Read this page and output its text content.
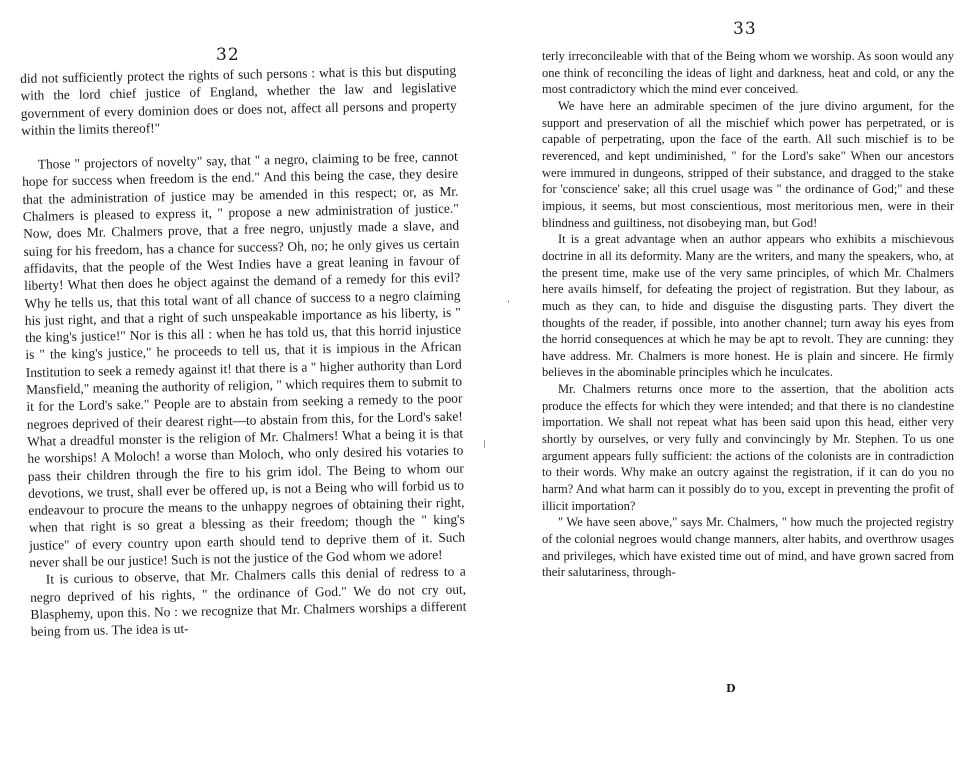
32

did not sufficiently protect the rights of such persons : what is this but disputing with the lord chief justice of England, whether the law and legislative government of every dominion does or does not, affect all persons and property within the limits thereof!"

Those " projectors of novelty" say, that " a negro, claiming to be free, cannot hope for success when freedom is the end." And this being the case, they desire that the administration of justice may be amended in this respect; or, as Mr. Chalmers is pleased to express it, " propose a new administration of justice." Now, does Mr. Chalmers prove, that a free negro, unjustly made a slave, and suing for his freedom, has a chance for success? Oh, no; he only gives us certain affidavits, that the people of the West Indies have a great leaning in favour of liberty! What then does he object against the demand of a remedy for this evil? Why he tells us, that this total want of all chance of success to a negro claiming his just right, and that a right of such unspeakable importance as his liberty, is " the king's justice!" Nor is this all : when he has told us, that this horrid injustice is " the king's justice," he proceeds to tell us, that it is impious in the African Institution to seek a remedy against it! that there is a " higher authority than Lord Mansfield," meaning the authority of religion, " which requires them to submit to it for the Lord's sake." People are to abstain from seeking a remedy to the poor negroes deprived of their dearest right—to abstain from this, for the Lord's sake! What a dreadful monster is the religion of Mr. Chalmers! What a being it is that he worships! A Moloch! a worse than Moloch, who only desired his votaries to pass their children through the fire to his grim idol. The Being to whom our devotions, we trust, shall ever be offered up, is not a Being who will forbid us to endeavour to procure the means to the unhappy negroes of obtaining their right, when that right is so great a blessing as their freedom; though the " king's justice" of every country upon earth should tend to deprive them of it. Such never shall be our justice! Such is not the justice of the God whom we adore!

It is curious to observe, that Mr. Chalmers calls this denial of redress to a negro deprived of his rights, " the ordinance of God." We do not cry out, Blasphemy, upon this. No : we recognize that Mr. Chalmers worships a different being from us. The idea is ut-

33

terly irreconcileable with that of the Being whom we worship. As soon would any one think of reconciling the ideas of light and darkness, heat and cold, or any the most contradictory which the mind ever conceived.

We have here an admirable specimen of the jure divino argument, for the support and preservation of all the mischief which power has perpetrated, or is capable of perpetrating, upon the face of the earth. All such mischief is to be reverenced, and kept undiminished, " for the Lord's sake" When our ancestors were immured in dungeons, stripped of their substance, and dragged to the stake for 'conscience' sake; all this cruel usage was " the ordinance of God;" and these impious, it seems, but most conscientious, most meritorious men, were in their blindness and guiltiness, not disobeying man, but God!

It is a great advantage when an author appears who exhibits a mischievous doctrine in all its deformity. Many are the writers, and many the speakers, who, at the present time, make use of the very same principles, of which Mr. Chalmers here avails himself, for defeating the project of registration. But they labour, as much as they can, to hide and disguise the disgusting parts. They divert the thoughts of the reader, if possible, into another channel; turn away his eyes from the horrid consequences at which he may be apt to revolt. They are cunning: they have address. Mr. Chalmers is more honest. He is plain and sincere. He firmly believes in the abominable principles which he inculcates.

Mr. Chalmers returns once more to the assertion, that the abolition acts produce the effects for which they were intended; and that there is no clandestine importation. We shall not repeat what has been said upon this head, either very shortly by ourselves, or very fully and convincingly by Mr. Stephen. To us one argument appears fully sufficient: the actions of the colonists are in contradiction to their words. Why make an outcry against the registration, if it can do you no harm? And what harm can it possibly do to you, except in preventing the profit of illicit importation?

" We have seen above," says Mr. Chalmers, " how much the projected registry of the colonial negroes would change manners, alter habits, and overthrow usages and privileges, which have existed time out of mind, and have grown sacred from their salutariness, through-

D
